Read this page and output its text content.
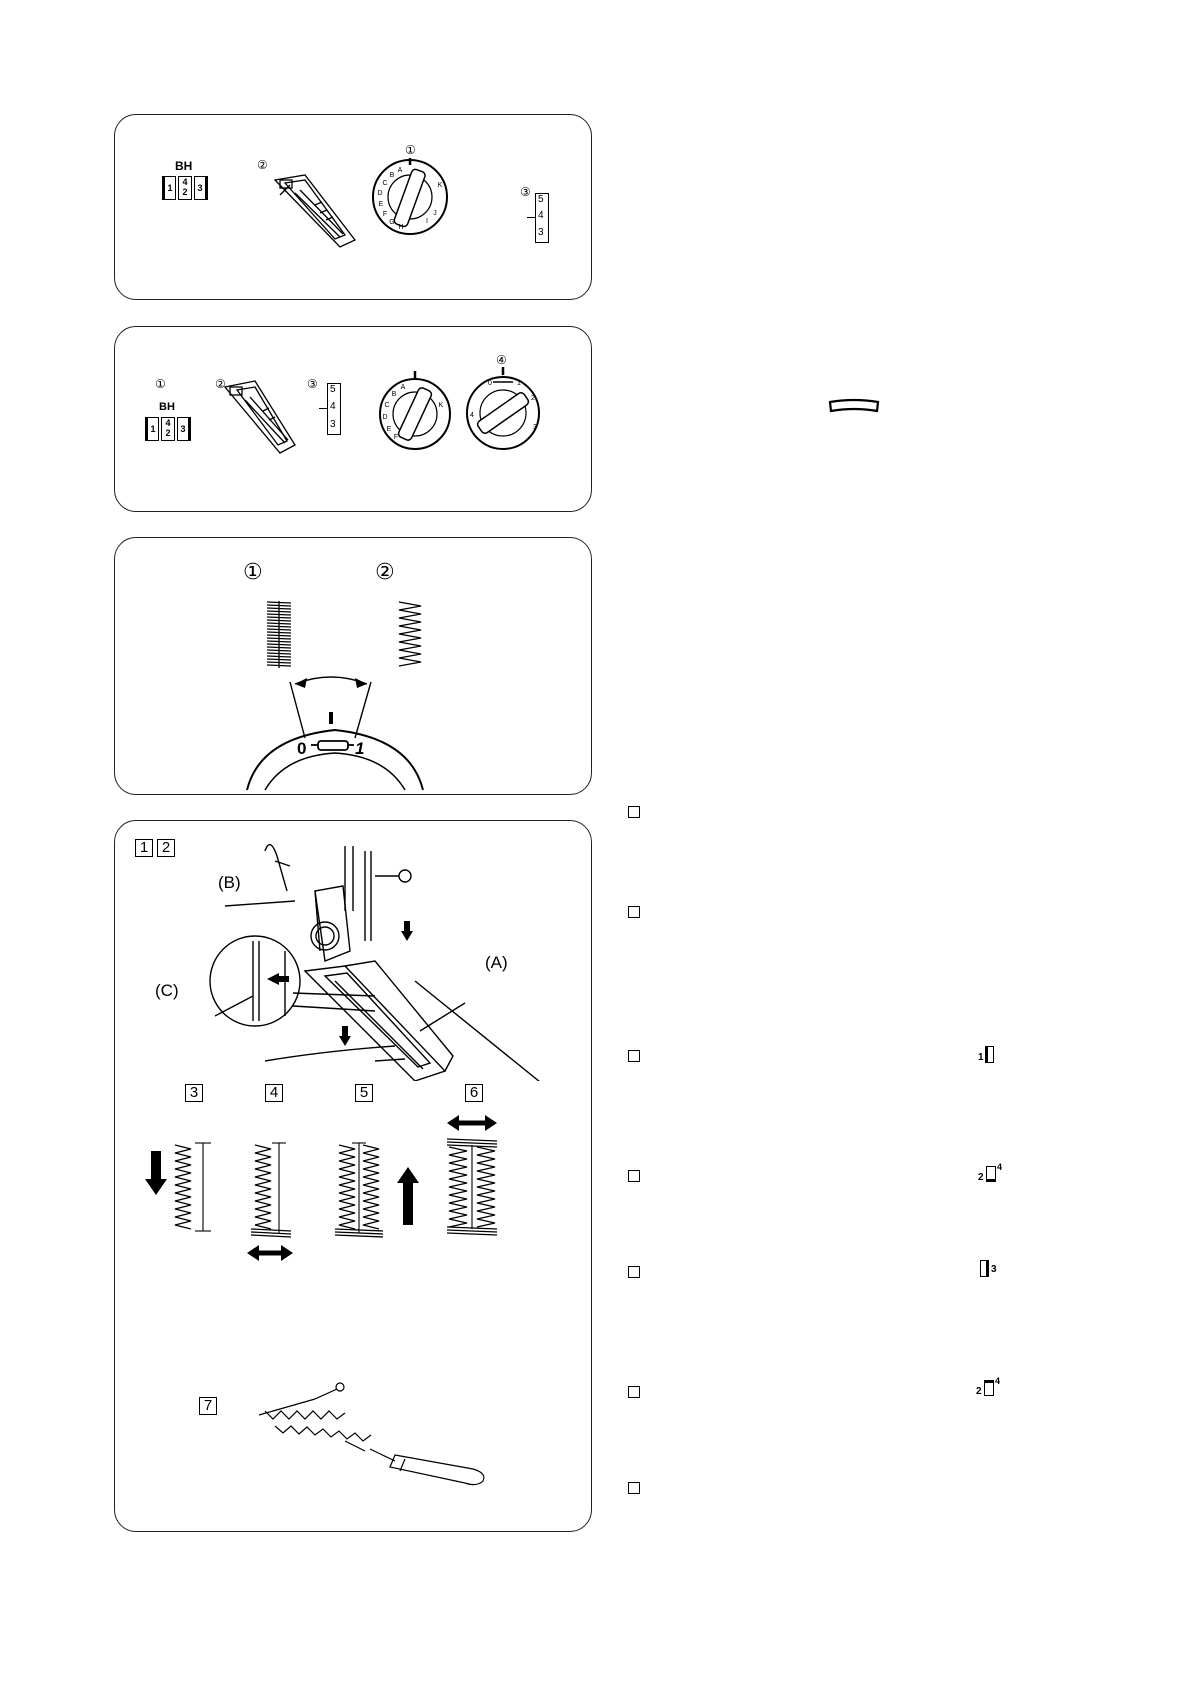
BH
1
4
2	3
②
①
A
B
C
D
E
F
G
H
I
J
K	③
5
4
3
①
BH
1
4
2	3
②	③ 5
4
3
A
B
C
D
E
F
K
④
0	1
2
3
4
①	②
0	1
1 2
(B)
(C)
(A)
3	4	5	6
7
1
2
4
3
2
4
